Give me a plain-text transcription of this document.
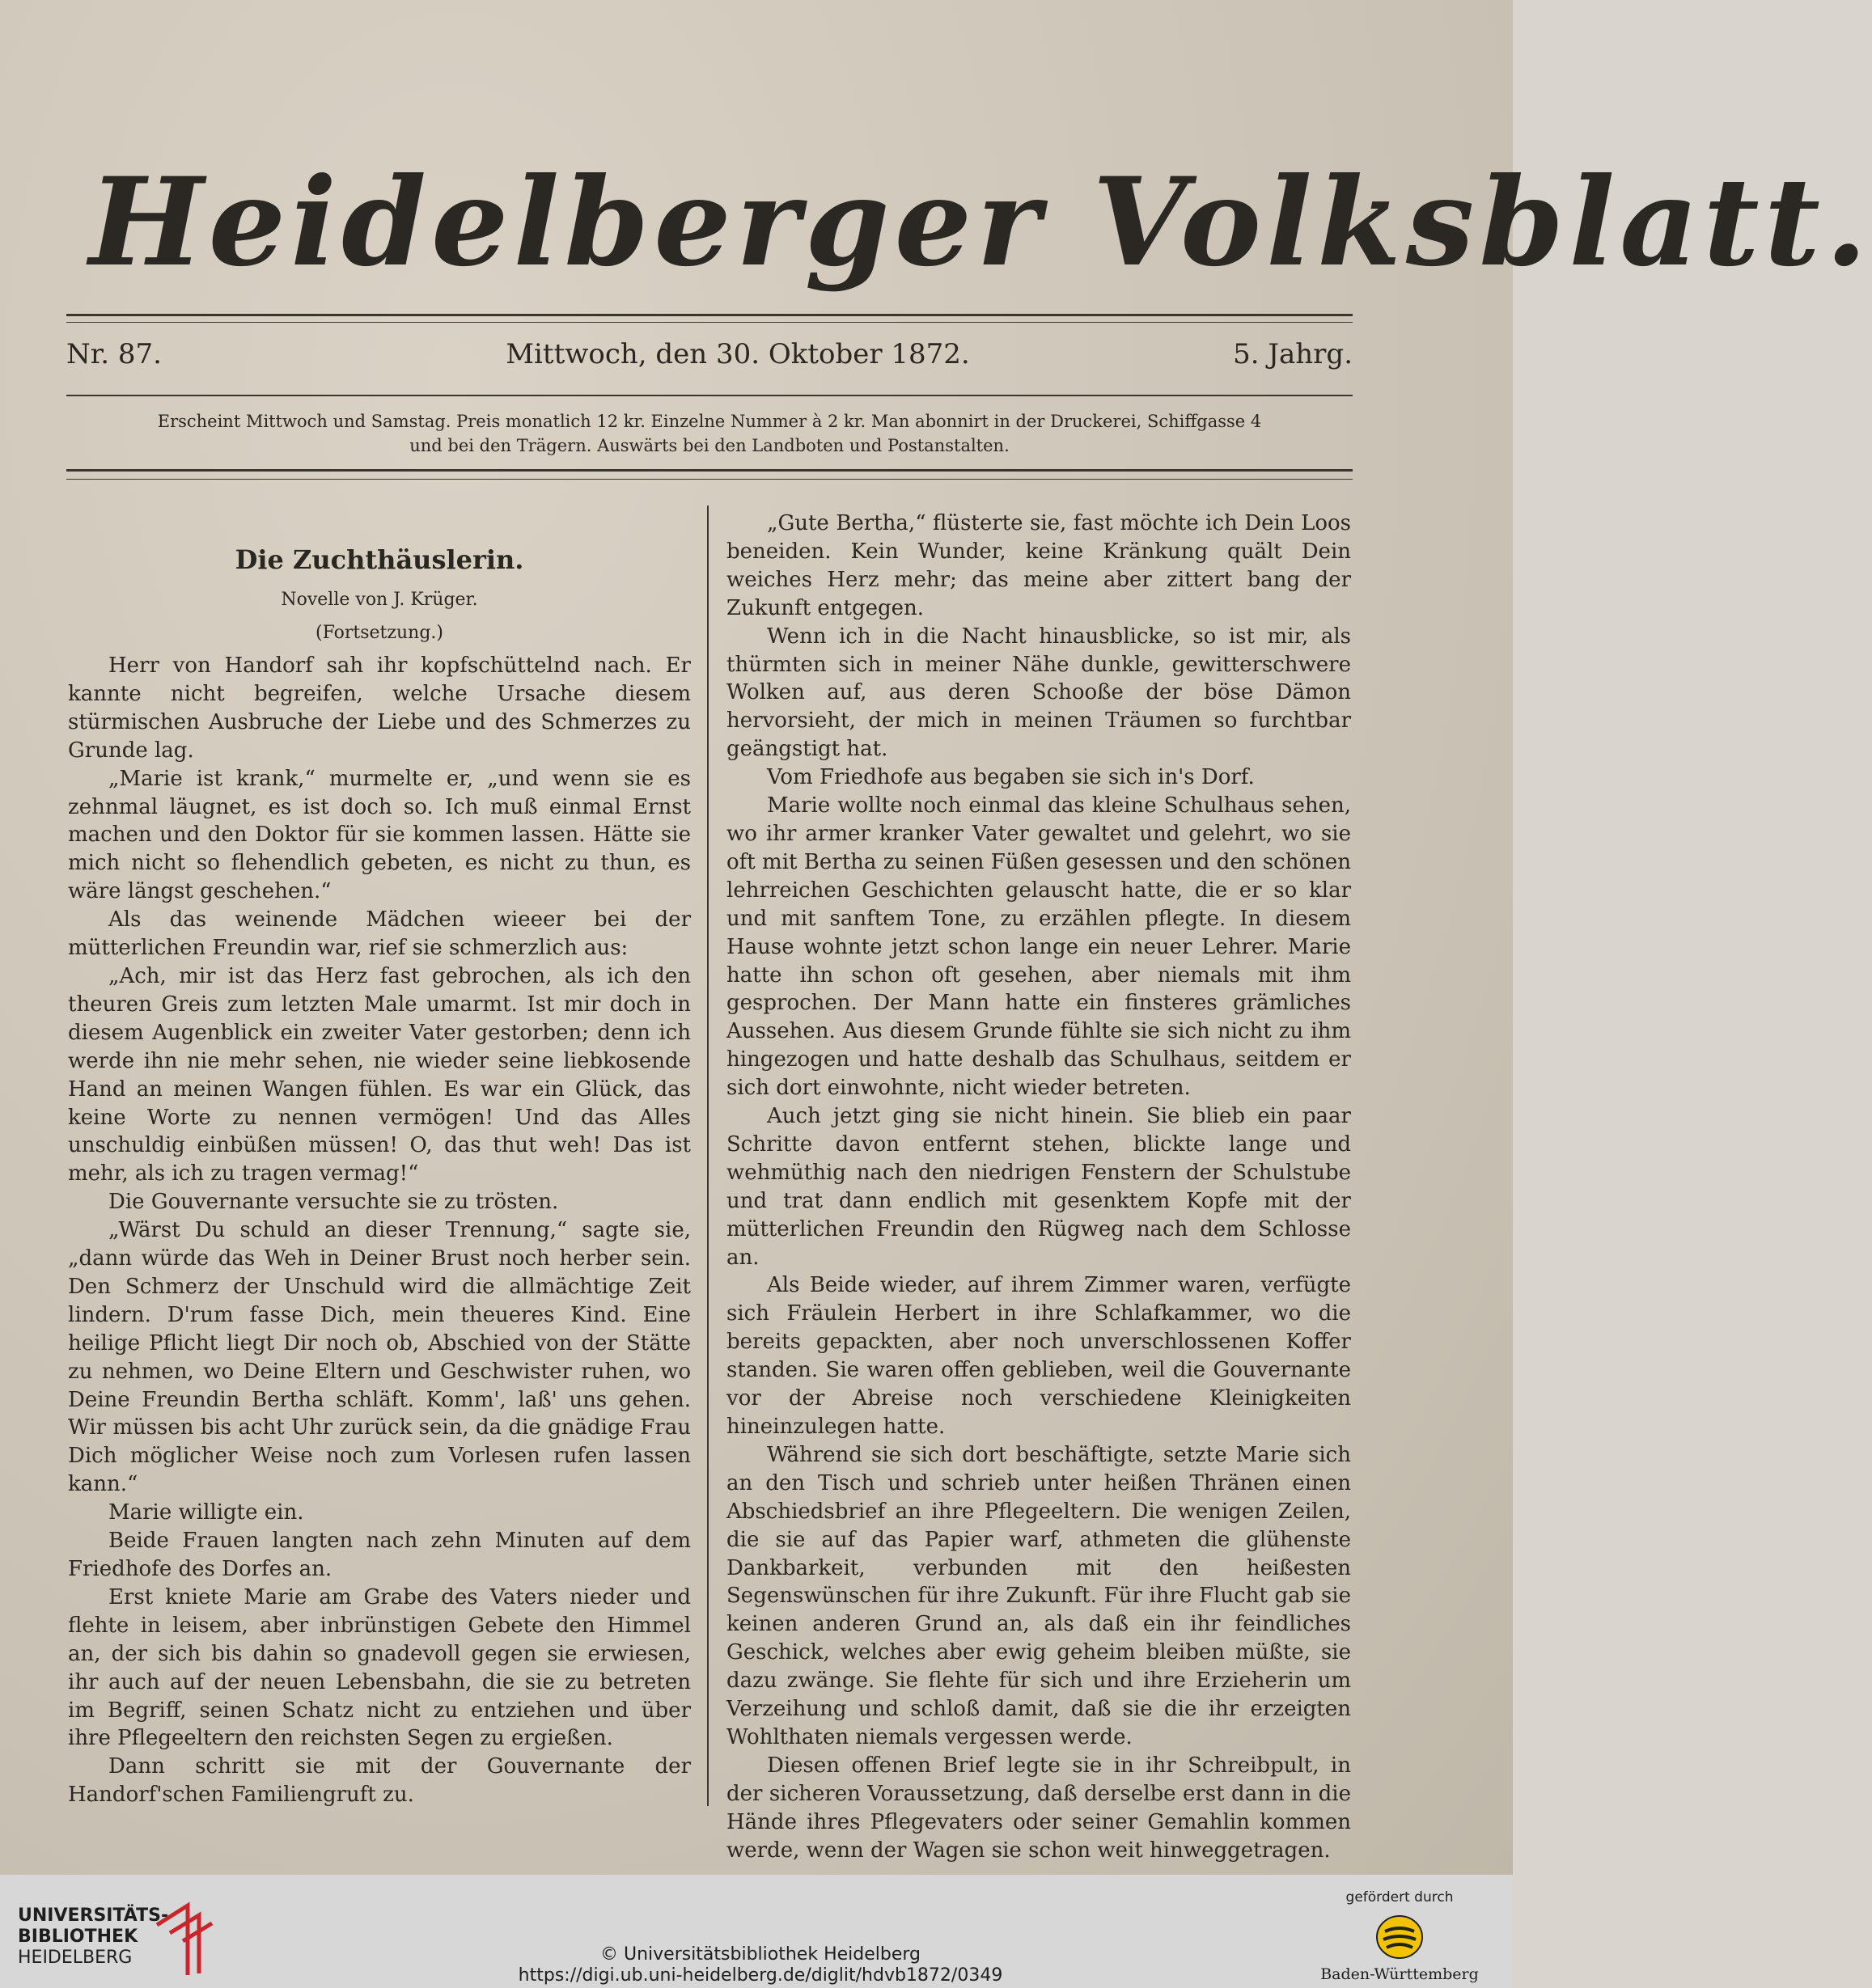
Heidelberger Volksblatt.
Nr. 87.	Mittwoch, den 30. Oktober 1872.	5. Jahrg.
Erscheint Mittwoch und Samstag. Preis monatlich 12 kr. Einzelne Nummer à 2 kr. Man abonnirt in der Druckerei, Schiffgasse 4
und bei den Trägern. Auswärts bei den Landboten und Postanstalten.
Die Zuchthäuslerin.
Novelle von J. Krüger.
(Fortsetzung.)

Herr von Handorf sah ihr kopfschüttelnd nach. Er kannte nicht begreifen, welche Ursache diesem stürmischen Ausbruche der Liebe und des Schmerzes zu Grunde lag.

„Marie ist krank,“ murmelte er, „und wenn sie es zehnmal läugnet, es ist doch so. Ich muß einmal Ernst machen und den Doktor für sie kommen lassen. Hätte sie mich nicht so flehendlich gebeten, es nicht zu thun, es wäre längst geschehen.“

Als das weinende Mädchen wieeer bei der mütterlichen Freundin war, rief sie schmerzlich aus:

„Ach, mir ist das Herz fast gebrochen, als ich den theuren Greis zum letzten Male umarmt. Ist mir doch in diesem Augenblick ein zweiter Vater gestorben; denn ich werde ihn nie mehr sehen, nie wieder seine liebkosende Hand an meinen Wangen fühlen. Es war ein Glück, das keine Worte zu nennen vermögen! Und das Alles unschuldig einbüßen müssen! O, das thut weh! Das ist mehr, als ich zu tragen vermag!“

Die Gouvernante versuchte sie zu trösten.

„Wärst Du schuld an dieser Trennung,“ sagte sie, „dann würde das Weh in Deiner Brust noch herber sein. Den Schmerz der Unschuld wird die allmächtige Zeit lindern. D'rum fasse Dich, mein theueres Kind. Eine heilige Pflicht liegt Dir noch ob, Abschied von der Stätte zu nehmen, wo Deine Eltern und Geschwister ruhen, wo Deine Freundin Bertha schläft. Komm', laß' uns gehen. Wir müssen bis acht Uhr zurück sein, da die gnädige Frau Dich möglicher Weise noch zum Vorlesen rufen lassen kann.“

Marie willigte ein.

Beide Frauen langten nach zehn Minuten auf dem Friedhofe des Dorfes an.

Erst kniete Marie am Grabe des Vaters nieder und flehte in leisem, aber inbrünstigen Gebete den Himmel an, der sich bis dahin so gnadevoll gegen sie erwiesen, ihr auch auf der neuen Lebensbahn, die sie zu betreten im Begriff, seinen Schatz nicht zu entziehen und über ihre Pflegeeltern den reichsten Segen zu ergießen.

Dann schritt sie mit der Gouvernante der Handorf'schen Familiengruft zu.

„Gute Bertha,“ flüsterte sie, fast möchte ich Dein Loos beneiden. Kein Wunder, keine Kränkung quält Dein weiches Herz mehr; das meine aber zittert bang der Zukunft entgegen.

Wenn ich in die Nacht hinausblicke, so ist mir, als thürmten sich in meiner Nähe dunkle, gewitterschwere Wolken auf, aus deren Schooße der böse Dämon hervorsieht, der mich in meinen Träumen so furchtbar geängstigt hat.

Vom Friedhofe aus begaben sie sich in's Dorf.

Marie wollte noch einmal das kleine Schulhaus sehen, wo ihr armer kranker Vater gewaltet und gelehrt, wo sie oft mit Bertha zu seinen Füßen gesessen und den schönen lehrreichen Geschichten gelauscht hatte, die er so klar und mit sanftem Tone, zu erzählen pflegte. In diesem Hause wohnte jetzt schon lange ein neuer Lehrer. Marie hatte ihn schon oft gesehen, aber niemals mit ihm gesprochen. Der Mann hatte ein finsteres grämliches Aussehen. Aus diesem Grunde fühlte sie sich nicht zu ihm hingezogen und hatte deshalb das Schulhaus, seitdem er sich dort einwohnte, nicht wieder betreten.

Auch jetzt ging sie nicht hinein. Sie blieb ein paar Schritte davon entfernt stehen, blickte lange und wehmüthig nach den niedrigen Fenstern der Schulstube und trat dann endlich mit gesenktem Kopfe mit der mütterlichen Freundin den Rügweg nach dem Schlosse an.

Als Beide wieder, auf ihrem Zimmer waren, verfügte sich Fräulein Herbert in ihre Schlafkammer, wo die bereits gepackten, aber noch unverschlossenen Koffer standen. Sie waren offen geblieben, weil die Gouvernante vor der Abreise noch verschiedene Kleinigkeiten hineinzulegen hatte.

Während sie sich dort beschäftigte, setzte Marie sich an den Tisch und schrieb unter heißen Thränen einen Abschiedsbrief an ihre Pflegeeltern. Die wenigen Zeilen, die sie auf das Papier warf, athmeten die glühenste Dankbarkeit, verbunden mit den heißesten Segenswünschen für ihre Zukunft. Für ihre Flucht gab sie keinen anderen Grund an, als daß ein ihr feindliches Geschick, welches aber ewig geheim bleiben müßte, sie dazu zwänge. Sie flehte für sich und ihre Erzieherin um Verzeihung und schloß damit, daß sie die ihr erzeigten Wohlthaten niemals vergessen werde.

Diesen offenen Brief legte sie in ihr Schreibpult, in der sicheren Voraussetzung, daß derselbe erst dann in die Hände ihres Pflegevaters oder seiner Gemahlin kommen werde, wenn der Wagen sie schon weit hinweggetragen.

UNIVERSITÄTS-
BIBLIOTHEK
HEIDELBERG	© Universitätsbibliothek Heidelberg
https://digi.ub.uni-heidelberg.de/diglit/hdvb1872/0349
gefördert durch
Baden-Württemberg
